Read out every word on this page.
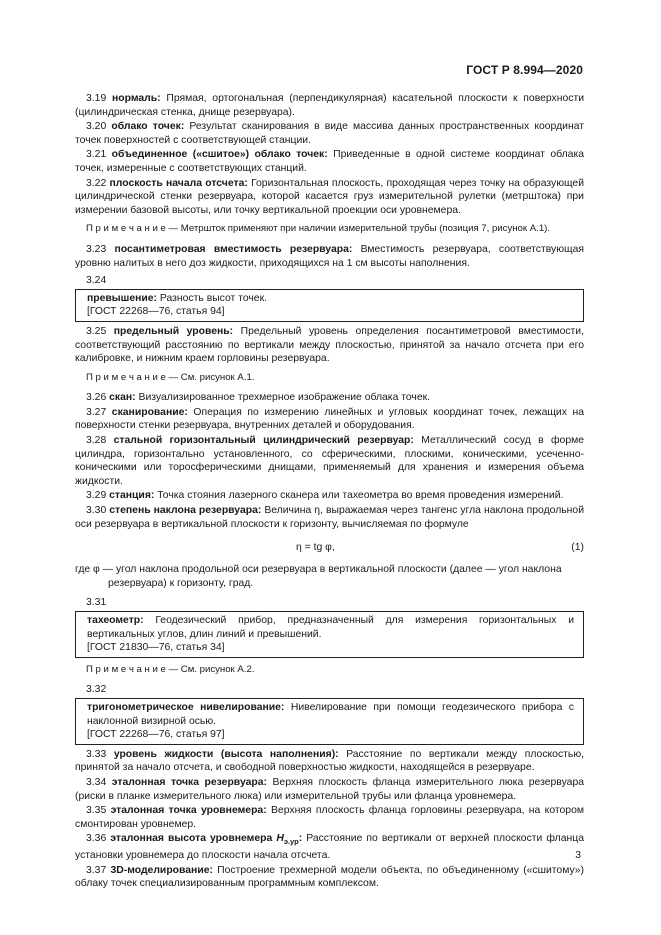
ГОСТ Р 8.994—2020

3.19 нормаль: Прямая, ортогональная (перпендикулярная) касательной плоскости к поверхности (цилиндрическая стенка, днище резервуара).

3.20 облако точек: Результат сканирования в виде массива данных пространственных координат точек поверхностей с соответствующей станции.

3.21 объединенное («сшитое») облако точек: Приведенные в одной системе координат облака точек, измеренные с соответствующих станций.

3.22 плоскость начала отсчета: Горизонтальная плоскость, проходящая через точку на образующей цилиндрической стенки резервуара, которой касается груз измерительной рулетки (метрштока) при измерении базовой высоты, или точку вертикальной проекции оси уровнемера.

П р и м е ч а н и е — Метршток применяют при наличии измерительной трубы (позиция 7, рисунок А.1).

3.23 посантиметровая вместимость резервуара: Вместимость резервуара, соответствующая уровню налитых в него доз жидкости, приходящихся на 1 см высоты наполнения.

3.24

превышение: Разность высот точек.
[ГОСТ 22268—76, статья 94]

3.25 предельный уровень: Предельный уровень определения посантиметровой вместимости, соответствующий расстоянию по вертикали между плоскостью, принятой за начало отсчета при его калибровке, и нижним краем горловины резервуара.

П р и м е ч а н и е — См. рисунок А.1.

3.26 скан: Визуализированное трехмерное изображение облака точек.

3.27 сканирование: Операция по измерению линейных и угловых координат точек, лежащих на поверхности стенки резервуара, внутренних деталей и оборудования.

3.28 стальной горизонтальный цилиндрический резервуар: Металлический сосуд в форме цилиндра, горизонтально установленного, со сферическими, плоскими, коническими, усеченно-коническими или торосферическими днищами, применяемый для хранения и измерения объема жидкости.

3.29 станция: Точка стояния лазерного сканера или тахеометра во время проведения измерений.

3.30 степень наклона резервуара: Величина η, выражаемая через тангенс угла наклона продольной оси резервуара в вертикальной плоскости к горизонту, вычисляемая по формуле

η = tg φ,	(1)
где φ — угол наклона продольной оси резервуара в вертикальной плоскости (далее — угол наклона
резервуара) к горизонту, град.

3.31

тахеометр: Геодезический прибор, предназначенный для измерения горизонтальных и вертикальных углов, длин линий и превышений.
[ГОСТ 21830—76, статья 34]

П р и м е ч а н и е — См. рисунок А.2.

3.32

тригонометрическое нивелирование: Нивелирование при помощи геодезического прибора с наклонной визирной осью.
[ГОСТ 22268—76, статья 97]

3.33 уровень жидкости (высота наполнения): Расстояние по вертикали между плоскостью, принятой за начало отсчета, и свободной поверхностью жидкости, находящейся в резервуаре.

3.34 эталонная точка резервуара: Верхняя плоскость фланца измерительного люка резервуара (риски в планке измерительного люка) или измерительной трубы или фланца уровнемера.

3.35 эталонная точка уровнемера: Верхняя плоскость фланца горловины резервуара, на котором смонтирован уровнемер.

3.36 эталонная высота уровнемера $H_{э.ур}$: Расстояние по вертикали от верхней плоскости фланца установки уровнемера до плоскости начала отсчета.

3.37 3D-моделирование: Построение трехмерной модели объекта, по объединенному («сшитому») облаку точек специализированным программным комплексом.

3
